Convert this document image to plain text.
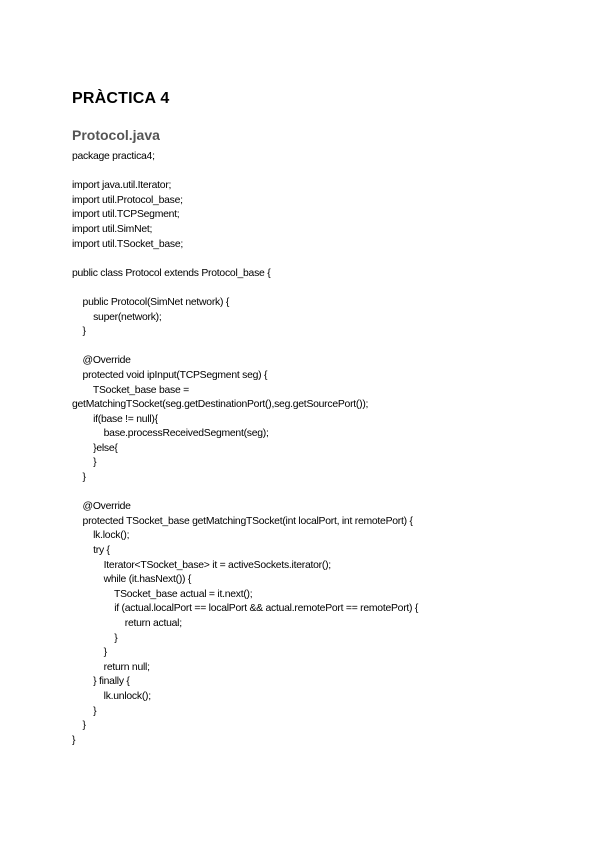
PRÀCTICA 4
Protocol.java
package practica4;
import java.util.Iterator;
import util.Protocol_base;
import util.TCPSegment;
import util.SimNet;
import util.TSocket_base;
public class Protocol extends Protocol_base {
public Protocol(SimNet network) {
super(network);
}
@Override
protected void ipInput(TCPSegment seg) {
TSocket_base base =
getMatchingTSocket(seg.getDestinationPort(),seg.getSourcePort());
if(base != null){
base.processReceivedSegment(seg);
}else{
}
}
@Override
protected TSocket_base getMatchingTSocket(int localPort, int remotePort) {
lk.lock();
try {
Iterator<TSocket_base> it = activeSockets.iterator();
while (it.hasNext()) {
TSocket_base actual = it.next();
if (actual.localPort == localPort && actual.remotePort == remotePort) {
return actual;
}
}
return null;
} finally {
lk.unlock();
}
}
}
